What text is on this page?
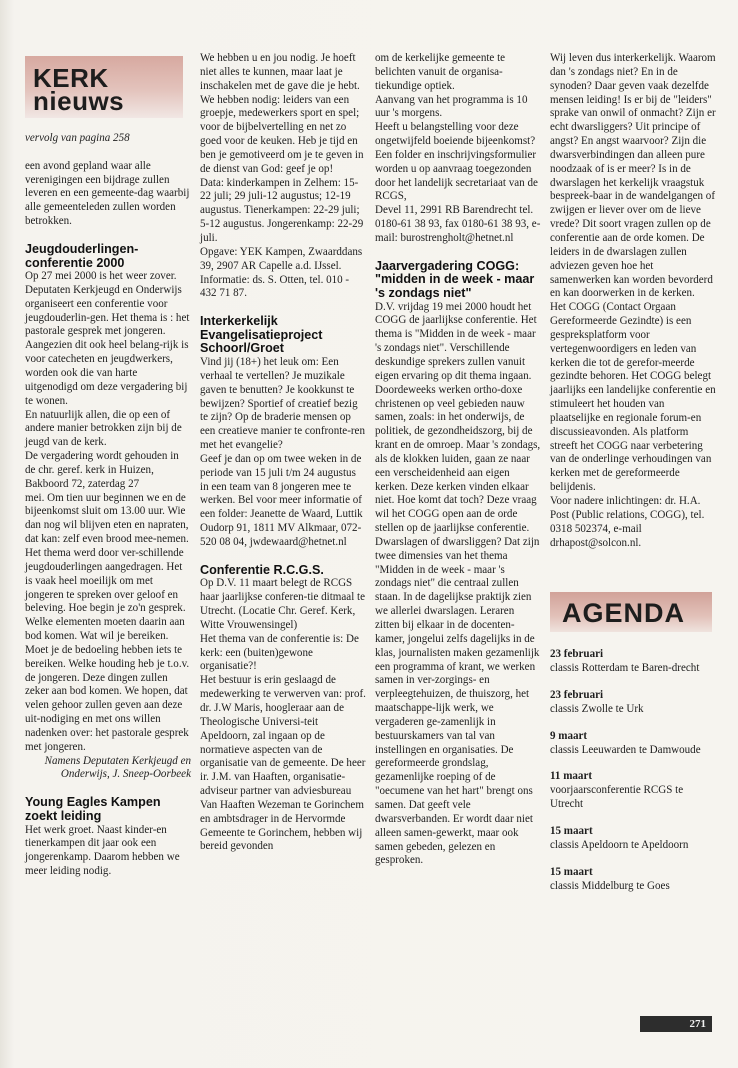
KERK
nieuws

vervolg van pagina 258

een avond gepland waar alle verenigingen een bijdrage zullen leveren en een gemeente-dag waarbij alle gemeenteleden zullen worden betrokken.

Jeugdouderlingen-conferentie 2000

Op 27 mei 2000 is het weer zover. Deputaten Kerkjeugd en Onderwijs organiseert een conferentie voor jeugdouderlin-gen. Het thema is : het pastorale gesprek met jongeren. Aangezien dit ook heel belang-rijk is voor catecheten en jeugdwerkers, worden ook die van harte uitgenodigd om deze vergadering bij te wonen.

En natuurlijk allen, die op een of andere manier betrokken zijn bij de jeugd van de kerk.

De vergadering wordt gehouden in de chr. geref. kerk in Huizen, Bakboord 72, zaterdag 27

mei. Om tien uur beginnen we en de bijeenkomst sluit om 13.00 uur. Wie dan nog wil blijven eten en napraten, dat kan: zelf even brood mee-nemen.

Het thema werd door ver-schillende jeugdouderlingen aangedragen. Het is vaak heel moeilijk om met jongeren te spreken over geloof en beleving. Hoe begin je zo'n gesprek. Welke elementen moeten daarin aan bod komen. Wat wil je bereiken. Moet je de bedoeling hebben iets te bereiken. Welke houding heb je t.o.v. de jongeren. Deze dingen zullen zeker aan bod komen. We hopen, dat velen gehoor zullen geven aan deze uit-nodiging en met ons willen nadenken over: het pastorale gesprek met jongeren.

Namens Deputaten Kerkjeugd en Onderwijs, J. Sneep-Oorbeek

Young Eagles Kampen zoekt leiding

Het werk groet. Naast kinder-en tienerkampen dit jaar ook een jongerenkamp. Daarom hebben we meer leiding nodig.

We hebben u en jou nodig. Je hoeft niet alles te kunnen, maar laat je inschakelen met de gave die je hebt. We hebben nodig: leiders van een groepje, medewerkers sport en spel; voor de bijbelvertelling en net zo goed voor de keuken. Heb je tijd en ben je gemotiveerd om je te geven in de dienst van God: geef je op!

Data: kinderkampen in Zelhem: 15-22 juli; 29 juli-12 augustus; 12-19 augustus. Tienerkampen: 22-29 juli; 5-12 augustus. Jongerenkamp: 22-29 juli.

Opgave: YEK Kampen, Zwaarddans 39, 2907 AR Capelle a.d. IJssel. Informatie: ds. S. Otten, tel. 010 - 432 71 87.

Interkerkelijk Evangelisatieproject Schoorl/Groet

Vind jij (18+) het leuk om: Een verhaal te vertellen? Je muzikale gaven te benutten? Je kookkunst te bewijzen? Sportief of creatief bezig te zijn? Op de braderie mensen op een creatieve manier te confronte-ren met het evangelie?

Geef je dan op om twee weken in de periode van 15 juli t/m 24 augustus in een team van 8 jongeren mee te werken. Bel voor meer informatie of een folder: Jeanette de Waard, Luttik Oudorp 91, 1811 MV Alkmaar, 072-520 08 04, jwdewaard@hetnet.nl

Conferentie R.C.G.S.

Op D.V. 11 maart belegt de RCGS haar jaarlijkse conferen-tie ditmaal te Utrecht. (Locatie Chr. Geref. Kerk, Witte Vrouwensingel)

Het thema van de conferentie is: De kerk: een (buiten)gewone organisatie?!

Het bestuur is erin geslaagd de medewerking te verwerven van: prof. dr. J.W Maris, hoogleraar aan de Theologische Universi-teit Apeldoorn, zal ingaan op de normatieve aspecten van de organisatie van de gemeente. De heer ir. J.M. van Haaften, organisatie-adviseur partner van adviesbureau Van Haaften Wezeman te Gorinchem en ambtsdrager in de Hervormde Gemeente te Gorinchem, hebben wij bereid gevonden

om de kerkelijke gemeente te belichten vanuit de organisa-tiekundige optiek.

Aanvang van het programma is 10 uur 's morgens.

Heeft u belangstelling voor deze ongetwijfeld boeiende bijeenkomst? Een folder en inschrijvingsformulier worden u op aanvraag toegezonden door het landelijk secretariaat van de RCGS,

Devel 11, 2991 RB Barendrecht tel. 0180-61 38 93, fax 0180-61 38 93, e-mail: burostrengholt@hetnet.nl

Jaarvergadering COGG: "midden in de week - maar 's zondags niet"

D.V. vrijdag 19 mei 2000 houdt het COGG de jaarlijkse conferentie. Het thema is "Midden in de week - maar 's zondags niet". Verschillende deskundige sprekers zullen vanuit eigen ervaring op dit thema ingaan.

Doordeweeks werken ortho-doxe christenen op veel gebieden nauw samen, zoals: in het onderwijs, de politiek, de gezondheidszorg, bij de krant en de omroep. Maar 's zondags, als de klokken luiden, gaan ze naar een verscheidenheid aan eigen kerken. Deze kerken vinden elkaar niet. Hoe komt dat toch? Deze vraag wil het COGG open aan de orde stellen op de jaarlijkse conferentie.

Dwarslagen of dwarsliggen? Dat zijn twee dimensies van het thema "Midden in de week - maar 's zondags niet" die centraal zullen staan. In de dagelijkse praktijk zien we allerlei dwarslagen. Leraren zitten bij elkaar in de docenten-kamer, jongelui zelfs dagelijks in de klas, journalisten maken gezamenlijk een programma of krant, we werken samen in ver-zorgings- en verpleegtehuizen, de thuiszorg, het maatschappe-lijk werk, we vergaderen ge-zamenlijk in bestuurskamers van tal van instellingen en organisaties. De gereformeerde grondslag, gezamenlijke roeping of de "oecumene van het hart" brengt ons samen. Dat geeft vele dwarsverbanden. Er wordt daar niet alleen samen-gewerkt, maar ook samen gebeden, gelezen en gesproken.

Wij leven dus interkerkelijk. Waarom dan 's zondags niet? En in de synoden? Daar geven vaak dezelfde mensen leiding! Is er bij de "leiders" sprake van onwil of onmacht? Zijn er echt dwarsliggers? Uit principe of angst? En angst waarvoor? Zijn die dwarsverbindingen dan alleen pure noodzaak of is er meer? Is in de dwarslagen het kerkelijk vraagstuk bespreek-baar in de wandelgangen of zwijgen er liever over om de lieve vrede? Dit soort vragen zullen op de conferentie aan de orde komen. De leiders in de dwarslagen zullen adviezen geven hoe het samenwerken kan worden bevorderd en kan doorwerken in de kerken.

Het COGG (Contact Orgaan Gereformeerde Gezindte) is een gespreksplatform voor vertegenwoordigers en leden van kerken die tot de gerefor-meerde gezindte behoren. Het COGG belegt jaarlijks een landelijke conferentie en stimuleert het houden van plaatselijke en regionale forum-en discussieavonden. Als platform streeft het COGG naar verbetering van de onderlinge verhoudingen van kerken met de gereformeerde belijdenis.

Voor nadere inlichtingen: dr. H.A. Post (Public relations, COGG), tel. 0318 502374, e-mail drhapost@solcon.nl.

AGENDA

23 februari

classis Rotterdam te Baren-drecht

23 februari

classis Zwolle te Urk

9 maart

classis Leeuwarden te Damwoude

11 maart

voorjaarsconferentie RCGS te Utrecht

15 maart

classis Apeldoorn te Apeldoorn

15 maart

classis Middelburg te Goes

271
